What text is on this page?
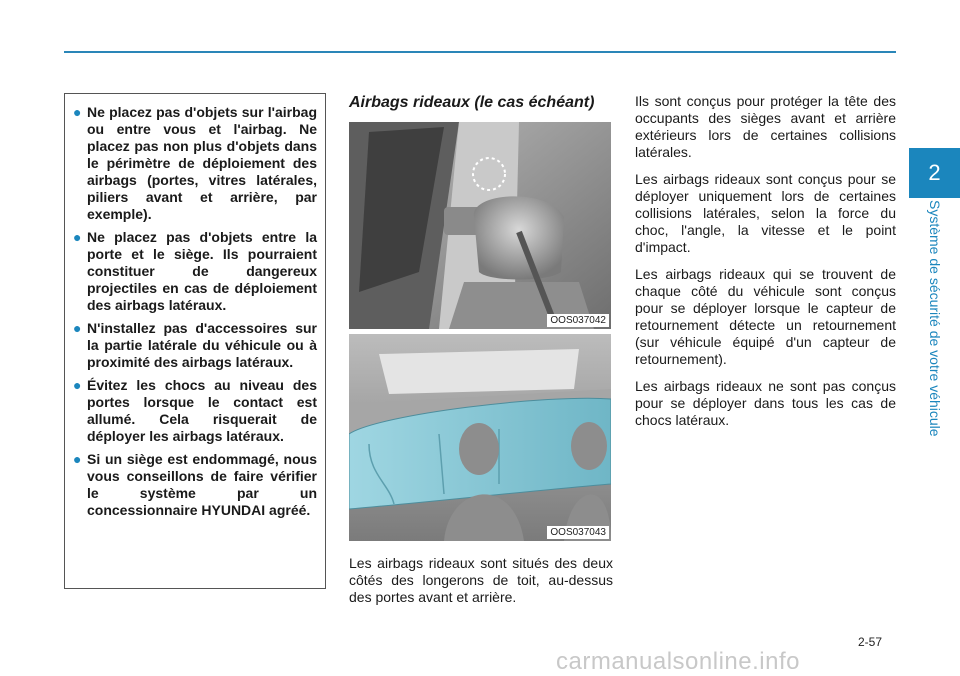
2
Système de sécurité de votre véhicule
● Ne placez pas d'objets sur l'airbag ou entre vous et l'airbag. Ne placez pas non plus d'objets dans le périmètre de déploiement des airbags (portes, vitres latérales, piliers avant et arrière, par exemple).
● Ne placez pas d'objets entre la porte et le siège. Ils pourraient constituer de dangereux projectiles en cas de déploiement des airbags latéraux.
● N'installez pas d'accessoires sur la partie latérale du véhicule ou à proximité des airbags latéraux.
● Évitez les chocs au niveau des portes lorsque le contact est allumé. Cela risquerait de déployer les airbags latéraux.
● Si un siège est endommagé, nous vous conseillons de faire vérifier le système par un concessionnaire HYUNDAI agréé.
Airbags rideaux (le cas échéant)
OOS037042
OOS037043

Les airbags rideaux sont situés des deux côtés des longerons de toit, au-dessus des portes avant et arrière.

Ils sont conçus pour protéger la tête des occupants des sièges avant et arrière extérieurs lors de certaines collisions latérales.

Les airbags rideaux sont conçus pour se déployer uniquement lors de certaines collisions latérales, selon la force du choc, l'angle, la vitesse et le point d'impact.

Les airbags rideaux qui se trouvent de chaque côté du véhicule sont conçus pour se déployer lorsque le capteur de retournement détecte un retournement (sur véhicule équipé d'un capteur de retournement).

Les airbags rideaux ne sont pas conçus pour se déployer dans tous les cas de chocs latéraux.

2-57
carmanualsonline.info
